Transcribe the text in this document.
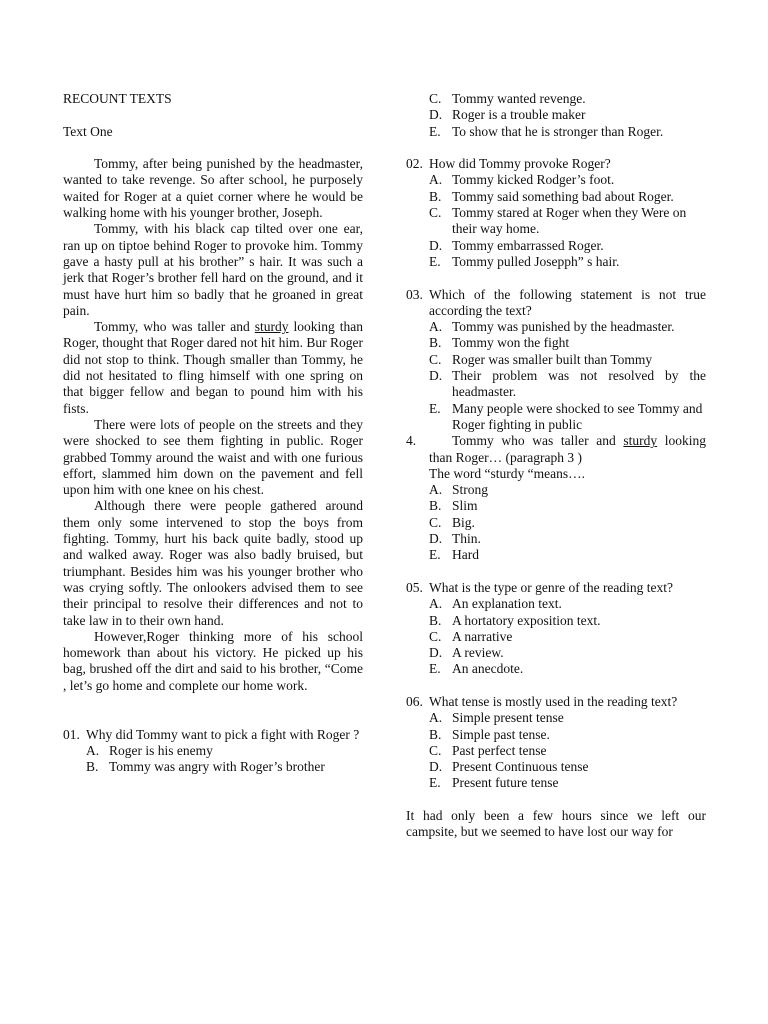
RECOUNT TEXTS

Text One

Tommy, after being punished by the headmaster, wanted to take revenge. So after school, he purposely waited for Roger at a quiet corner where he would be walking home with his younger brother, Joseph.

Tommy, with his black cap tilted over one ear, ran up on tiptoe behind Roger to provoke him. Tommy gave a hasty pull at his brother” s hair. It was such a jerk that Roger’s brother fell hard on the ground, and it must have hurt him so badly that he groaned in great pain.

Tommy, who was taller and sturdy looking than Roger, thought that Roger dared not hit him. Bur Roger did not stop to think. Though smaller than Tommy, he did not hesitated to fling himself with one spring on that bigger fellow and began to pound him with his fists.

There were lots of people on the streets and they were shocked to see them fighting in public. Roger grabbed Tommy around the waist and with one furious effort, slammed him down on the pavement and fell upon him with one knee on his chest.

Although there were people gathered around them only some intervened to stop the boys from fighting. Tommy, hurt his back quite badly, stood up and walked away. Roger was also badly bruised, but triumphant. Besides him was his younger brother who was crying softly. The onlookers advised them to see their principal to resolve their differences and not to take law in to their own hand.

However,Roger thinking more of his school homework than about his victory. He picked up his bag, brushed off the dirt and said to his brother, “Come , let’s go home and complete our home work.

01. Why did Tommy want to pick a fight with Roger ?
A. Roger is his enemy
B. Tommy was angry with Roger’s brother
C. Tommy wanted revenge.
D. Roger is a trouble maker
E. To show that he is stronger than Roger.
02. How did Tommy provoke Roger?
A. Tommy kicked Rodger’s foot.
B. Tommy said something bad about Roger.
C. Tommy stared at Roger when they Were on their way home.
D. Tommy embarrassed Roger.
E. Tommy pulled Josepph” s hair.
03. Which of the following statement is not true according the text?
A. Tommy was punished by the headmaster.
B. Tommy won the fight
C. Roger was smaller built than Tommy
D. Their problem was not resolved by the headmaster.
E. Many people were shocked to see Tommy and Roger fighting in public
4.	Tommy who was taller and sturdy looking than Roger… (paragraph 3 )
The word “sturdy “means….
A. Strong
B. Slim
C. Big.
D. Thin.
E. Hard
05. What is the type or genre of the reading text?
A. An explanation text.
B. A hortatory exposition text.
C. A narrative
D. A review.
E. An anecdote.
06. What tense is mostly used in the reading text?
A. Simple present tense
B. Simple past tense.
C. Past perfect tense
D. Present Continuous tense
E. Present future tense

It had only been a few hours since we left our campsite, but we seemed to have lost our way for
